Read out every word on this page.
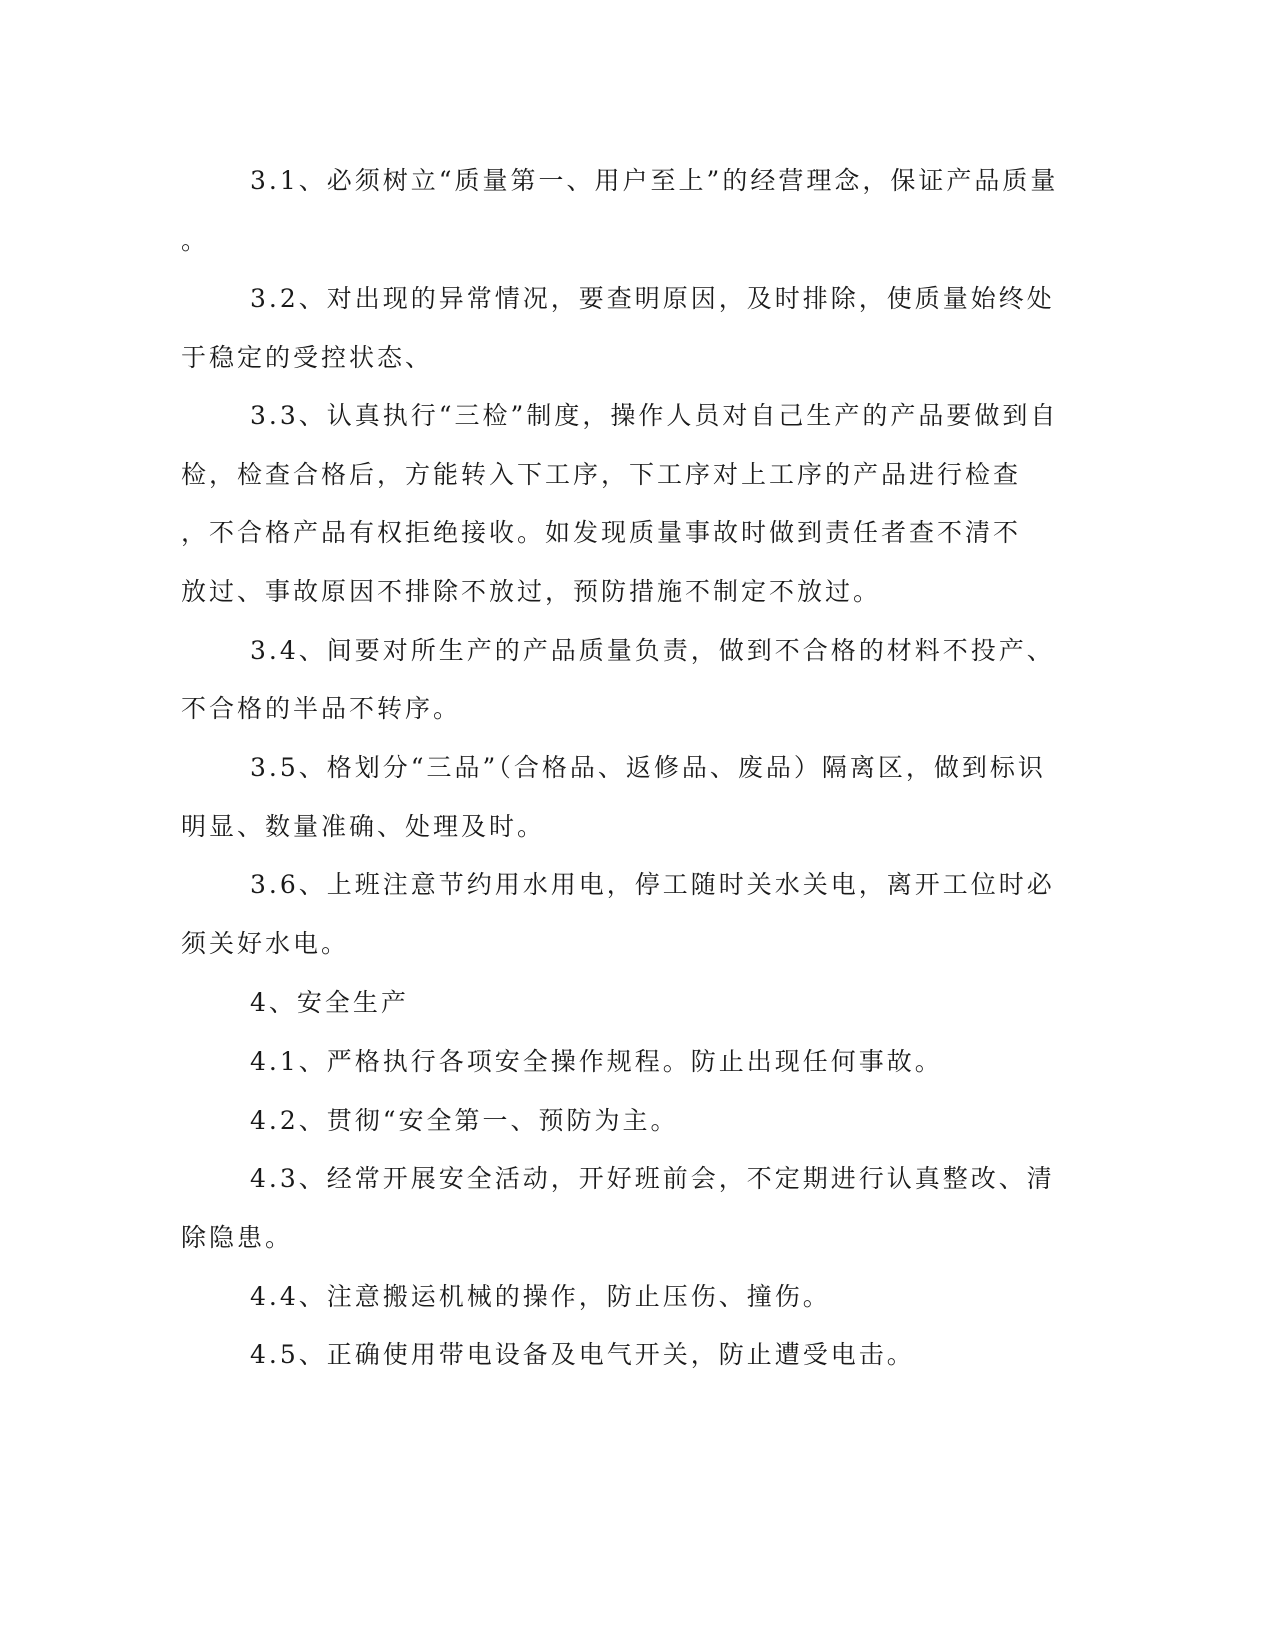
3.1、必须树立“质量第一、用户至上”的经营理念，保证产品质量
。
3.2、对出现的异常情况，要查明原因，及时排除，使质量始终处
于稳定的受控状态、
3.3、认真执行“三检”制度，操作人员对自己生产的产品要做到自
检，检查合格后，方能转入下工序，下工序对上工序的产品进行检查
，不合格产品有权拒绝接收。如发现质量事故时做到责任者查不清不
放过、事故原因不排除不放过，预防措施不制定不放过。
3.4、间要对所生产的产品质量负责，做到不合格的材料不投产、
不合格的半品不转序。
3.5、格划分“三品”（合格品、返修品、废品）隔离区，做到标识
明显、数量准确、处理及时。
3.6、上班注意节约用水用电，停工随时关水关电，离开工位时必
须关好水电。
4、安全生产
4.1、严格执行各项安全操作规程。防止出现任何事故。
4.2、贯彻“安全第一、预防为主。
4.3、经常开展安全活动，开好班前会，不定期进行认真整改、清
除隐患。
4.4、注意搬运机械的操作，防止压伤、撞伤。
4.5、正确使用带电设备及电气开关，防止遭受电击。
